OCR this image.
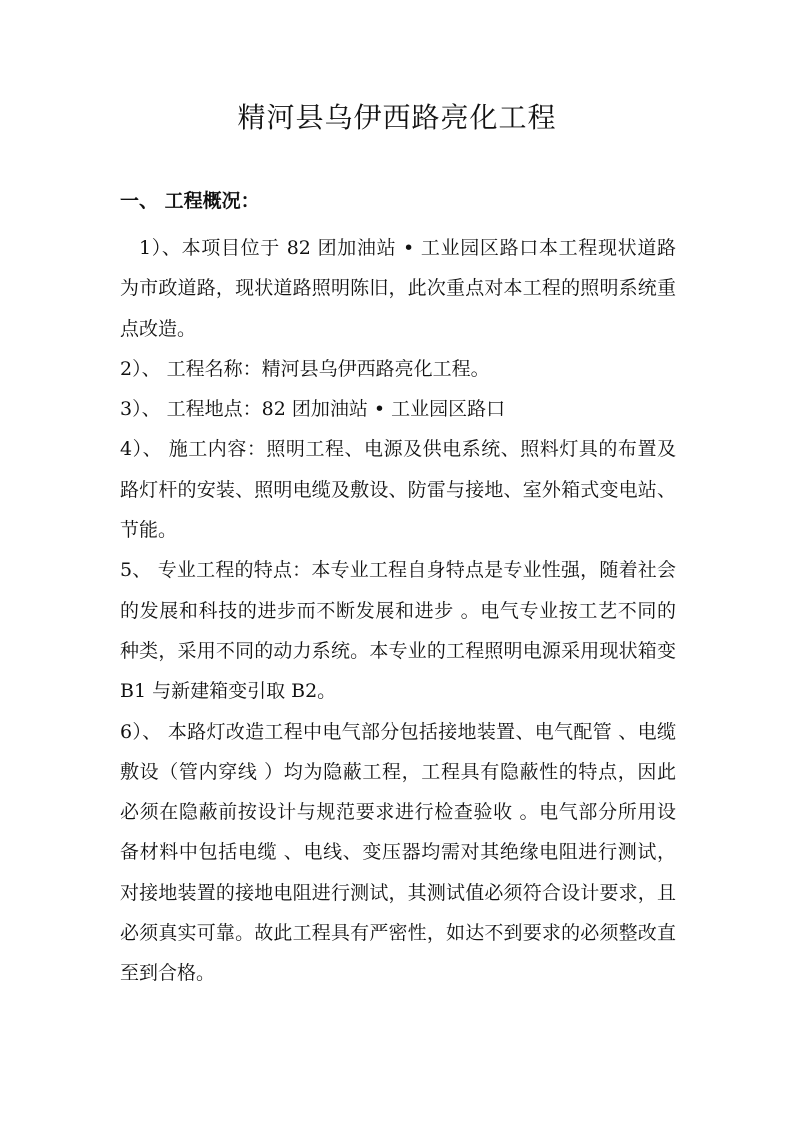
精河县乌伊西路亮化工程
一、 工程概况：

1）、本项目位于 82 团加油站 • 工业园区路口本工程现状道路为市政道路，现状道路照明陈旧，此次重点对本工程的照明系统重点改造。

2）、 工程名称：精河县乌伊西路亮化工程。

3）、 工程地点：82 团加油站 • 工业园区路口

4）、 施工内容：照明工程、电源及供电系统、照料灯具的布置及路灯杆的安装、照明电缆及敷设、防雷与接地、室外箱式变电站、节能。

5、 专业工程的特点：本专业工程自身特点是专业性强，随着社会的发展和科技的进步而不断发展和进步 。电气专业按工艺不同的种类，采用不同的动力系统。本专业的工程照明电源采用现状箱变 B1 与新建箱变引取 B2。

6）、 本路灯改造工程中电气部分包括接地装置、电气配管 、电缆敷设（管内穿线 ）均为隐蔽工程，工程具有隐蔽性的特点，因此必须在隐蔽前按设计与规范要求进行检查验收 。电气部分所用设备材料中包括电缆 、电线、变压器均需对其绝缘电阻进行测试，对接地装置的接地电阻进行测试，其测试值必须符合设计要求，且必须真实可靠。故此工程具有严密性，如达不到要求的必须整改直至到合格。
